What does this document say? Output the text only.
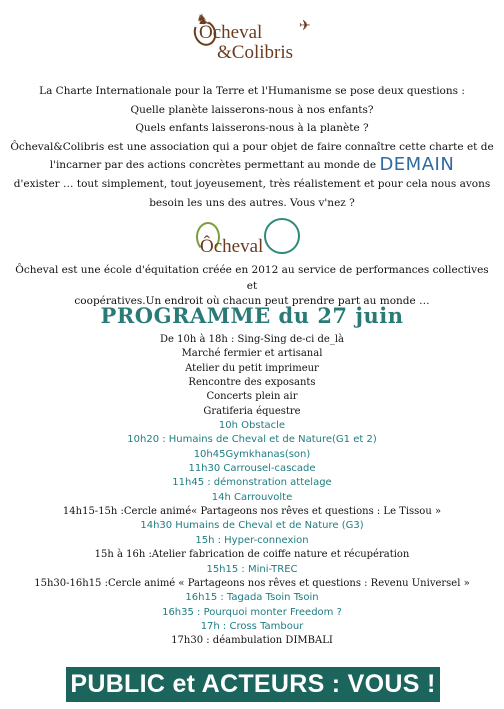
♞
Ôcheval
&Colibris
✈
La Charte Internationale pour la Terre et l'Humanisme se pose deux questions :
Quelle planète laisserons-nous à nos enfants?
Quels enfants laisserons-nous à la planète ?
Ôcheval&Colibris est une association qui a pour objet de faire connaître cette charte et de
l'incarner par des actions concrètes permettant au monde de DEMAIN
d'exister … tout simplement, tout joyeusement, très réalistement et pour cela nous avons
besoin les uns des autres. Vous v'nez ?
Ôcheval
Ôcheval est une école d'équitation créée en 2012 au service de performances collectives et
coopératives.Un endroit où chacun peut prendre part au monde …
PROGRAMME du 27 juin
De 10h à 18h : Sing-Sing de-ci de_là
Marché fermier et artisanal
Atelier du petit imprimeur
Rencontre des exposants
Concerts plein air
Gratiferia équestre
10h Obstacle
10h20 : Humains de Cheval et de Nature(G1 et 2)
10h45Gymkhanas(son)
11h30 Carrousel-cascade
11h45 : démonstration attelage
14h Carrouvolte
14h15-15h :Cercle animé« Partageons nos rêves et questions : Le Tissou »
14h30 Humains de Cheval et de Nature (G3)
15h : Hyper-connexion
15h à 16h :Atelier fabrication de coiffe nature et récupération
15h15 : Mini-TREC
15h30-16h15 :Cercle animé « Partageons nos rêves et questions : Revenu Universel »
16h15 : Tagada Tsoin Tsoin
16h35 : Pourquoi monter Freedom ?
17h : Cross Tambour
17h30 : déambulation DIMBALI
PUBLIC et ACTEURS : VOUS !
